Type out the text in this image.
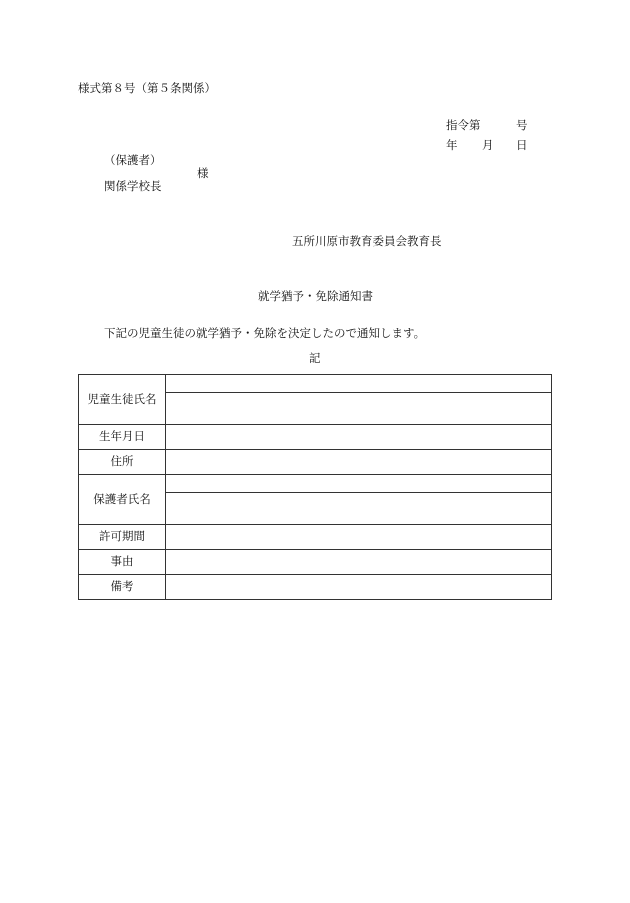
様式第８号（第５条関係）
指令第	号
年 月 日
（保護者）
様
関係学校長
五所川原市教育委員会教育長
就学猶予・免除通知書
下記の児童生徒の就学猶予・免除を決定したので通知します。
記
児童生徒氏名	

生年月日	
住所	
保護者氏名	

許可期間	
事由	
備考	
